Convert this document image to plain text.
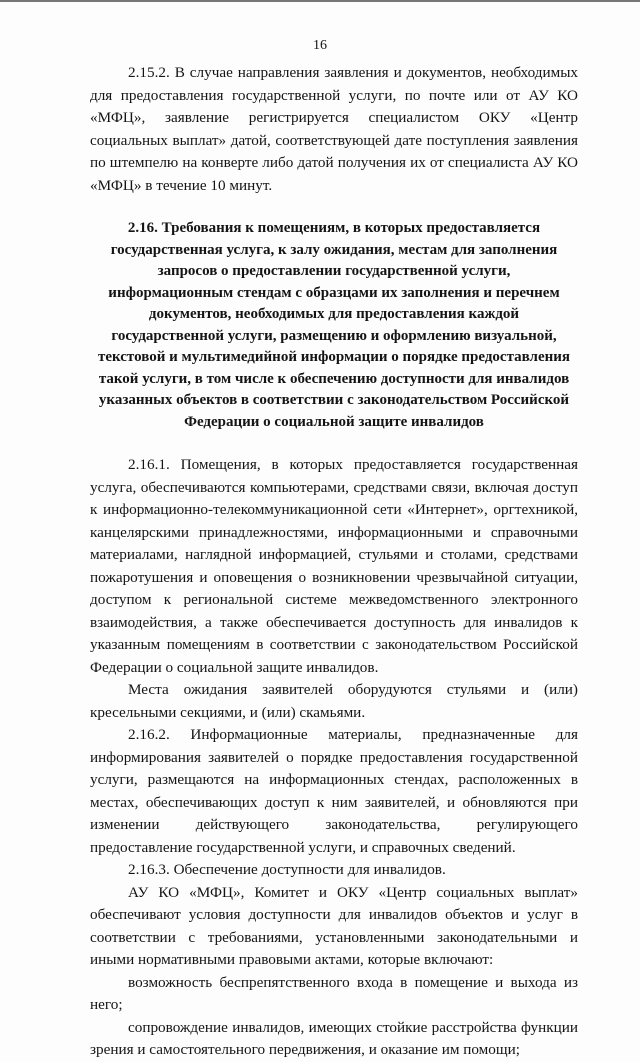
16

2.15.2. В случае направления заявления и документов, необходимых для предоставления государственной услуги, по почте или от АУ КО «МФЦ», заявление регистрируется специалистом ОКУ «Центр социальных выплат» датой, соответствующей дате поступления заявления по штемпелю на конверте либо датой получения их от специалиста АУ КО «МФЦ» в течение 10 минут.

2.16. Требования к помещениям, в которых предоставляется государственная услуга, к залу ожидания, местам для заполнения запросов о предоставлении государственной услуги, информационным стендам с образцами их заполнения и перечнем документов, необходимых для предоставления каждой государственной услуги, размещению и оформлению визуальной, текстовой и мультимедийной информации о порядке предоставления такой услуги, в том числе к обеспечению доступности для инвалидов указанных объектов в соответствии с законодательством Российской Федерации о социальной защите инвалидов

2.16.1. Помещения, в которых предоставляется государственная услуга, обеспечиваются компьютерами, средствами связи, включая доступ к информационно-телекоммуникационной сети «Интернет», оргтехникой, канцелярскими принадлежностями, информационными и справочными материалами, наглядной информацией, стульями и столами, средствами пожаротушения и оповещения о возникновении чрезвычайной ситуации, доступом к региональной системе межведомственного электронного взаимодействия, а также обеспечивается доступность для инвалидов к указанным помещениям в соответствии с законодательством Российской Федерации о социальной защите инвалидов.

Места ожидания заявителей оборудуются стульями и (или) кресельными секциями, и (или) скамьями.

2.16.2. Информационные материалы, предназначенные для информирования заявителей о порядке предоставления государственной услуги, размещаются на информационных стендах, расположенных в местах, обеспечивающих доступ к ним заявителей, и обновляются при изменении действующего законодательства, регулирующего предоставление государственной услуги, и справочных сведений.

2.16.3. Обеспечение доступности для инвалидов.

АУ КО «МФЦ», Комитет и ОКУ «Центр социальных выплат» обеспечивают условия доступности для инвалидов объектов и услуг в соответствии с требованиями, установленными законодательными и иными нормативными правовыми актами, которые включают:

возможность беспрепятственного входа в помещение и выхода из него;

сопровождение инвалидов, имеющих стойкие расстройства функции зрения и самостоятельного передвижения, и оказание им помощи;
